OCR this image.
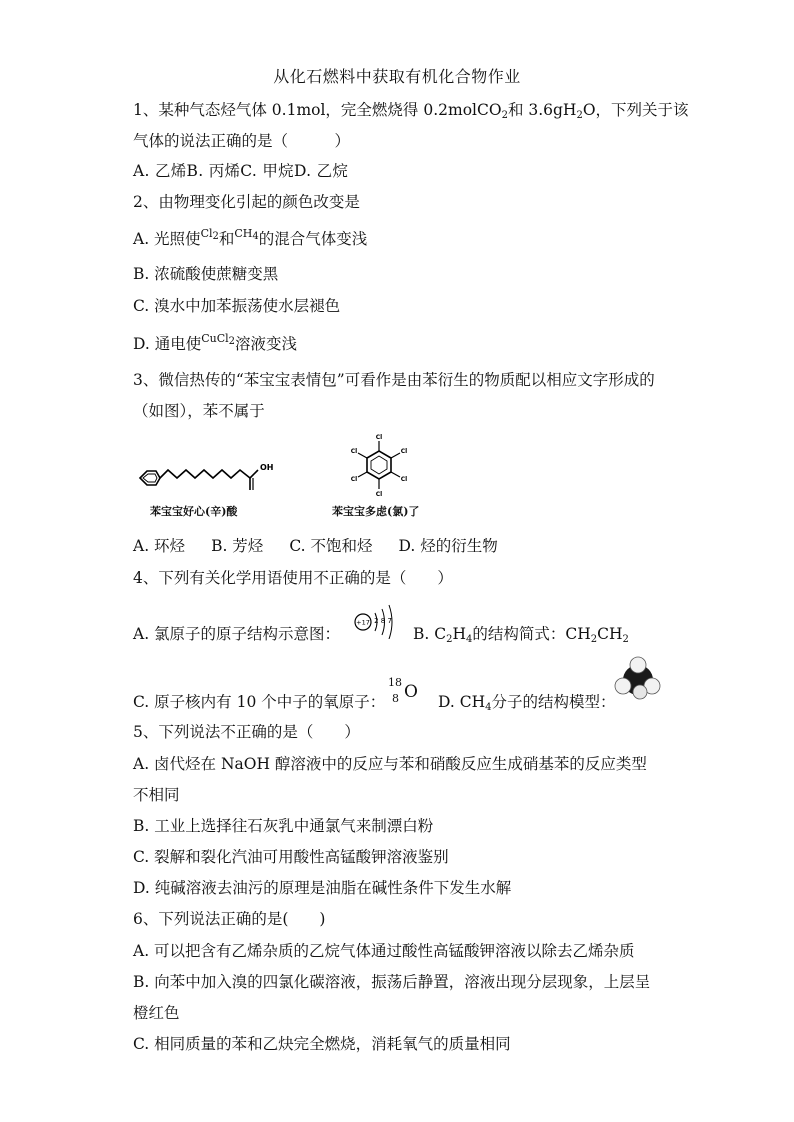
从化石燃料中获取有机化合物作业
1、某种气态烃气体 0.1mol，完全燃烧得 0.2molCO$_2$和 $3.6gH_2O$，下列关于该
气体的说法正确的是（　　　）
A. 乙烯B. 丙烯C. 甲烷D. 乙烷
2、由物理变化引起的颜色改变是
A. 光照使$^{Cl2}$和$^{CH4}$的混合气体变浅
B. 浓硫酸使蔗糖变黑
C. 溴水中加苯振荡使水层褪色
D. 通电使$^{CuCl2}$溶液变浅
3、微信热传的“苯宝宝表情包”可看作是由苯衍生的物质配以相应文字形成的
（如图），苯不属于
OH
苯宝宝好心(辛)酸
Cl
Cl
Cl
Cl
Cl
Cl
苯宝宝多虑(氯)了
A. 环烃 B. 芳烃 C. 不饱和烃 D. 烃的衍生物
4、下列有关化学用语使用不正确的是（　　）
A. 氯原子的原子结构示意图：
+17 2 8 7
B. $C_2H_4$的结构简式：$CH_2CH_2$
C. 原子核内有 10 个中子的氧原子：
18
8 O D. $CH_4$分子的结构模型：
5、下列说法不正确的是（　　）
A. 卤代烃在 NaOH 醇溶液中的反应与苯和硝酸反应生成硝基苯的反应类型
不相同
B. 工业上选择往石灰乳中通氯气来制漂白粉
C. 裂解和裂化汽油可用酸性高锰酸钾溶液鉴别
D. 纯碱溶液去油污的原理是油脂在碱性条件下发生水解
6、下列说法正确的是(　　)
A. 可以把含有乙烯杂质的乙烷气体通过酸性高锰酸钾溶液以除去乙烯杂质
B. 向苯中加入溴的四氯化碳溶液，振荡后静置，溶液出现分层现象，上层呈
橙红色
C. 相同质量的苯和乙炔完全燃烧，消耗氧气的质量相同
